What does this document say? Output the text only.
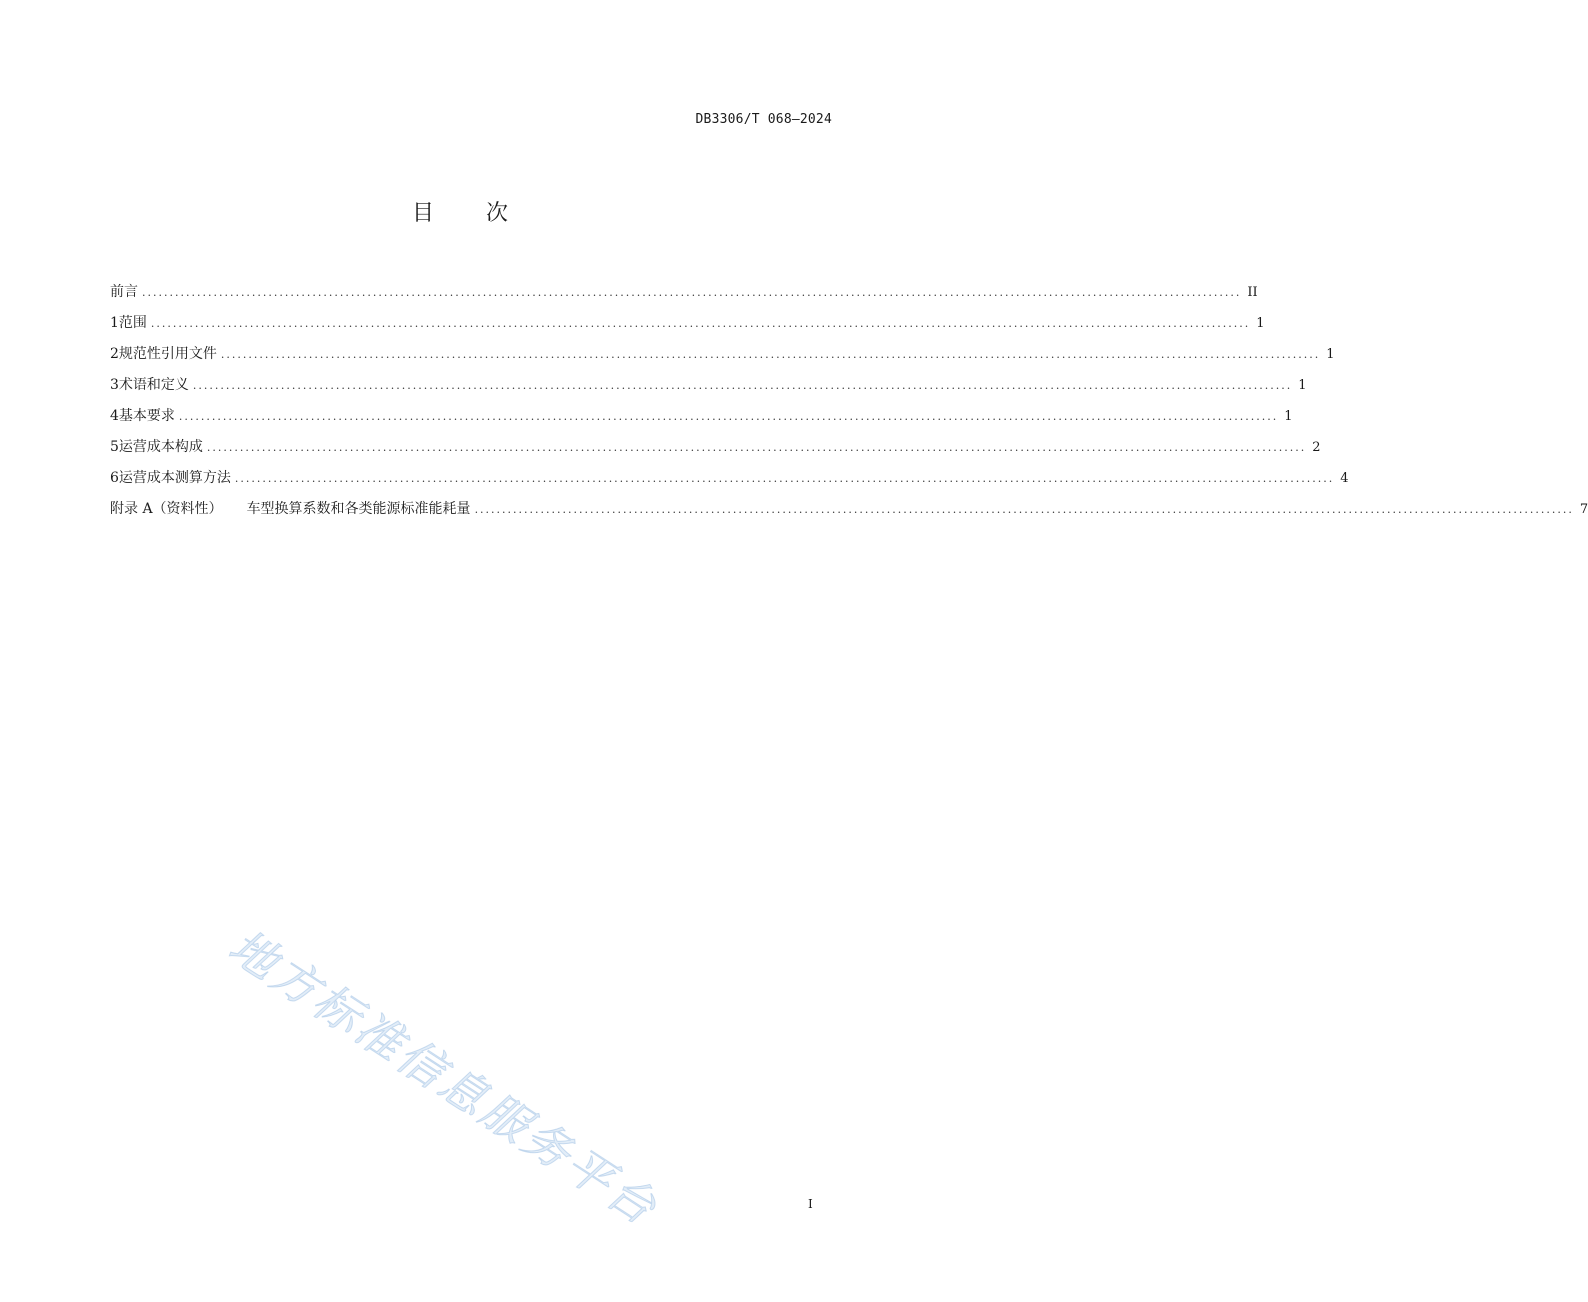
DB3306/T 068—2024
目次
前言 ........................................................................................................................................................................................................ II
1 范围 ........................................................................................................................................................................................................ 1
2 规范性引用文件 ........................................................................................................................................................................................................ 1
3 术语和定义 ........................................................................................................................................................................................................ 1
4 基本要求 ........................................................................................................................................................................................................ 1
5 运营成本构成 ........................................................................................................................................................................................................ 2
6 运营成本测算方法 ........................................................................................................................................................................................................ 4
附录 A（资料性） 车型换算系数和各类能源标准能耗量 ........................................................................................................................................................................................................ 7
地方标准信息服务平台	I
